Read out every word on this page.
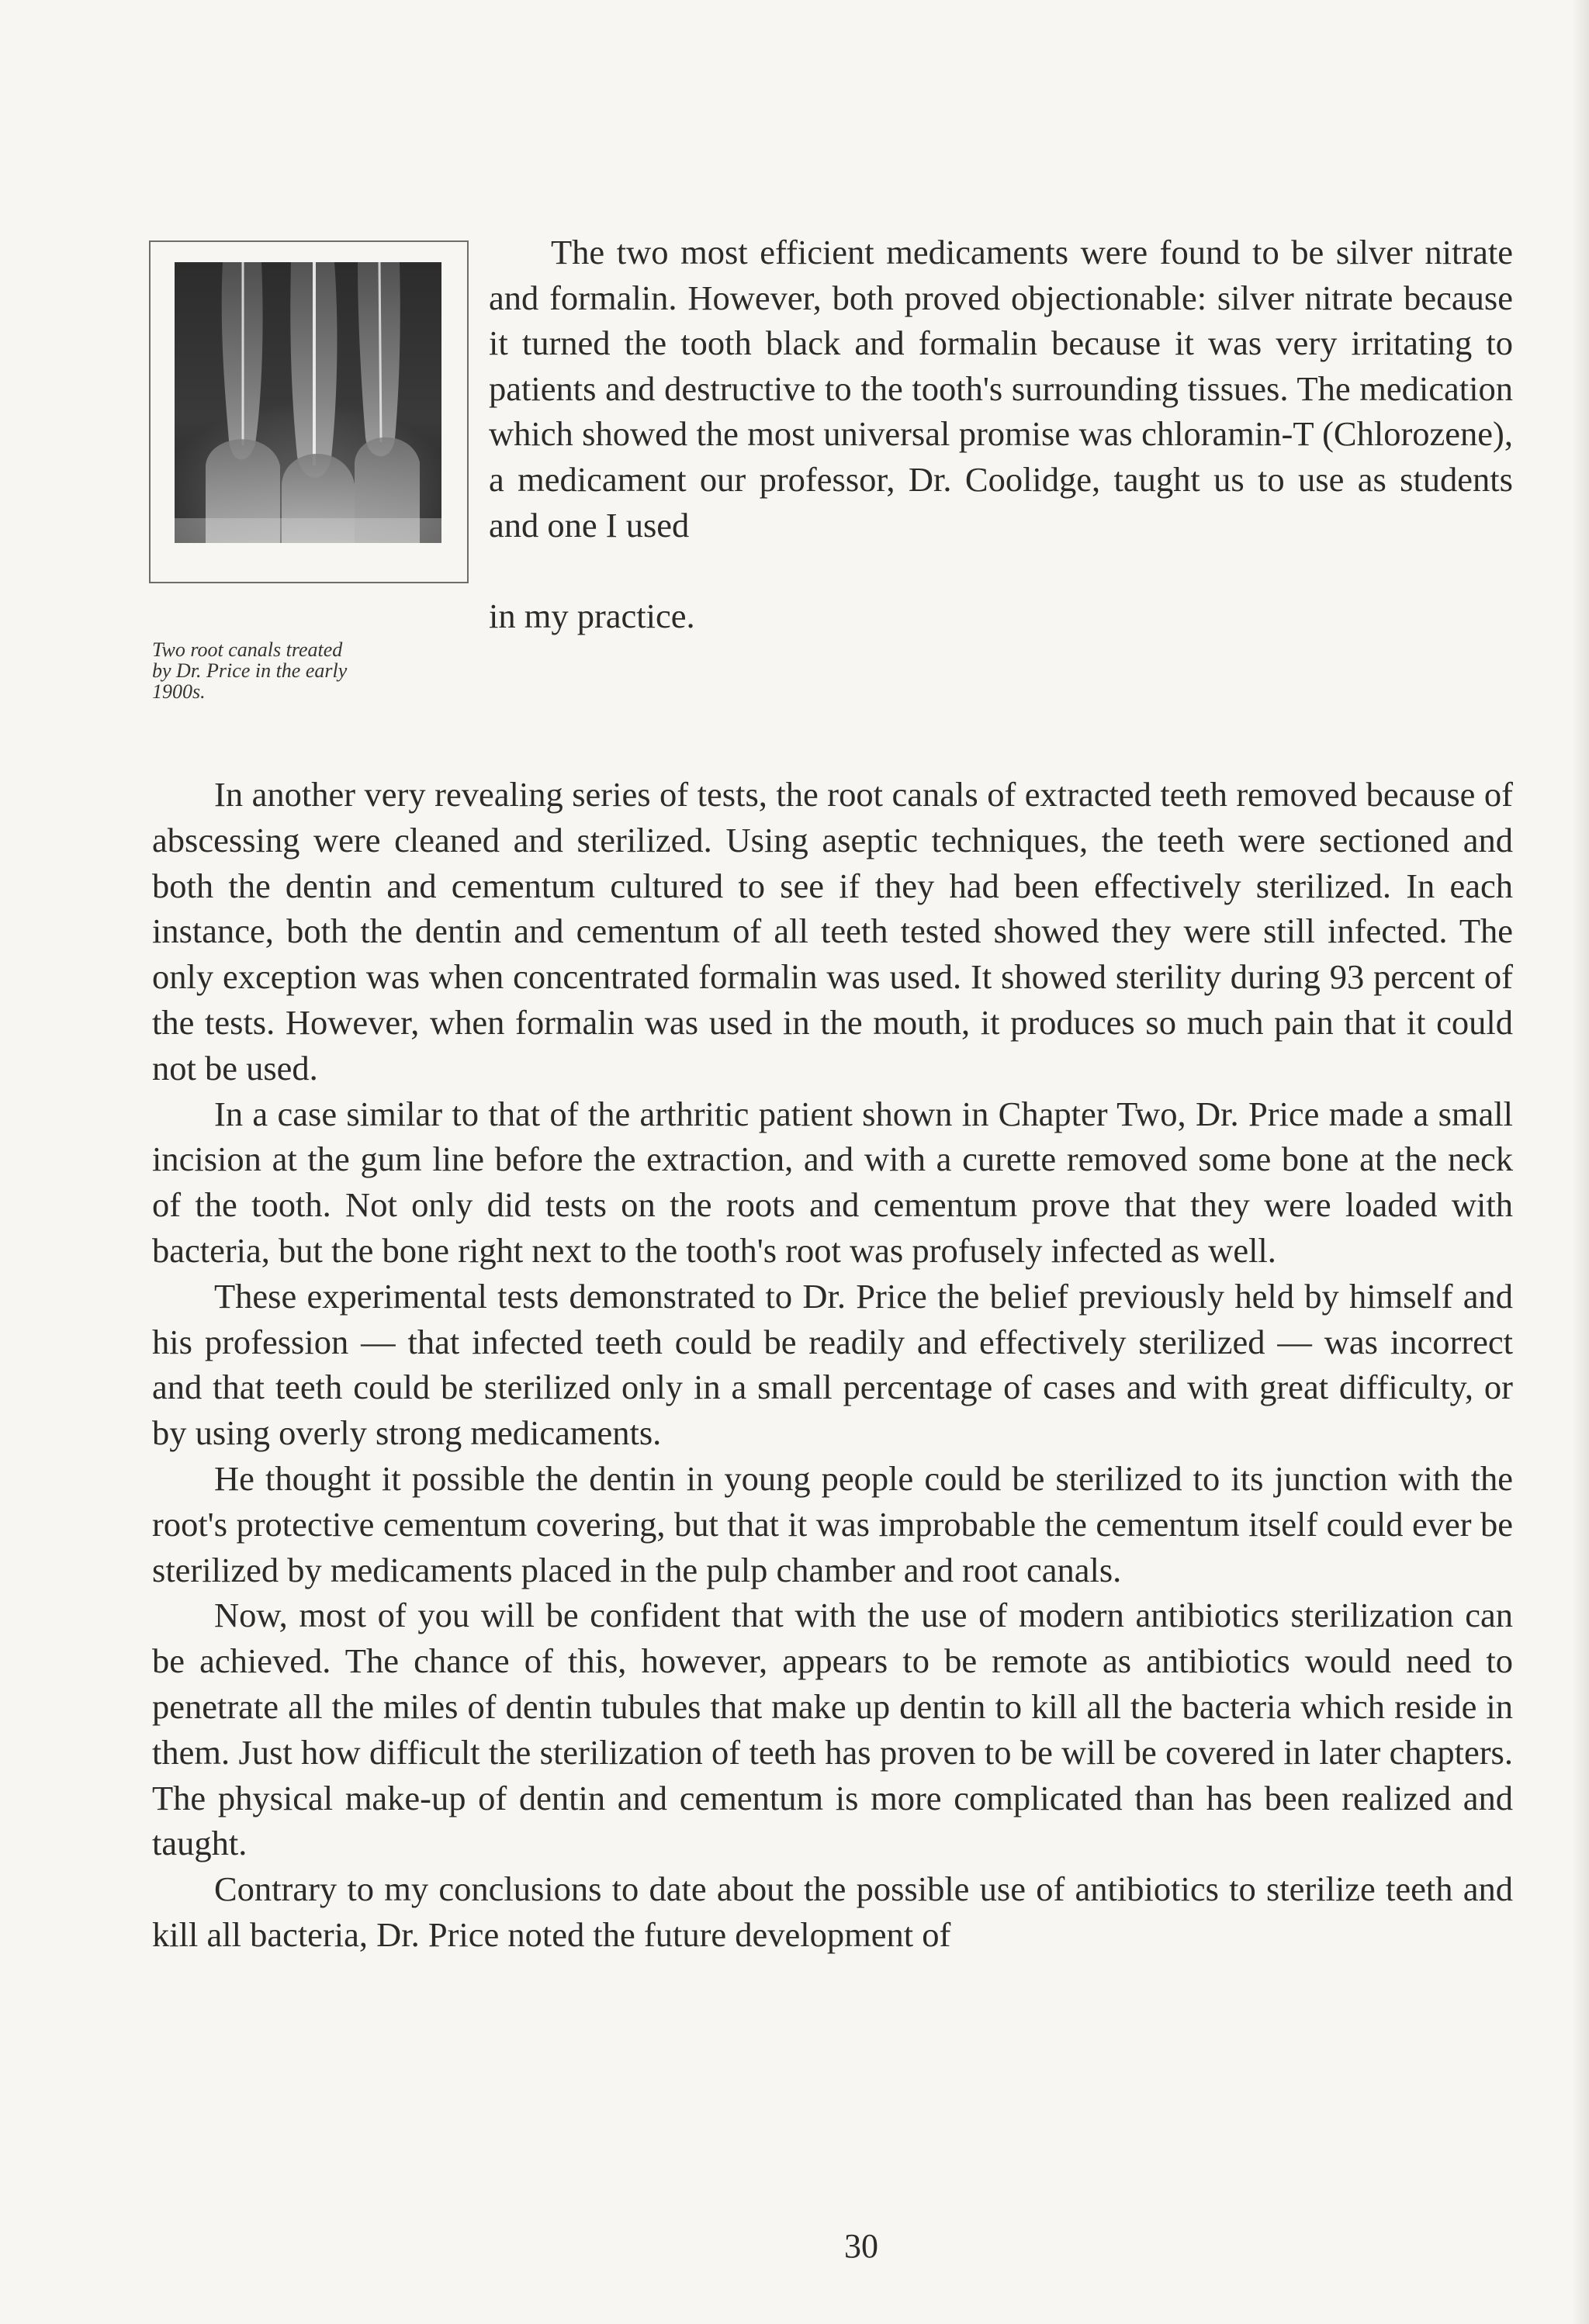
Two root canals treated
by Dr. Price in the early
1900s.

The two most efficient medicaments were found to be silver nitrate and formalin. However, both proved objectionable: silver nitrate because it turned the tooth black and formalin because it was very irritating to patients and destructive to the tooth's surrounding tissues. The medication which showed the most universal promise was chloramin-T (Chlorozene), a medicament our professor, Dr. Coolidge, taught us to use as students and one I used

in my practice.

In another very revealing series of tests, the root canals of extracted teeth removed because of abscessing were cleaned and sterilized. Using aseptic techniques, the teeth were sectioned and both the dentin and cementum cultured to see if they had been effectively sterilized. In each instance, both the dentin and cementum of all teeth tested showed they were still infected. The only exception was when concentrated formalin was used. It showed sterility during 93 percent of the tests. However, when formalin was used in the mouth, it produces so much pain that it could not be used.

In a case similar to that of the arthritic patient shown in Chapter Two, Dr. Price made a small incision at the gum line before the extraction, and with a curette removed some bone at the neck of the tooth. Not only did tests on the roots and cementum prove that they were loaded with bacteria, but the bone right next to the tooth's root was profusely infected as well.

These experimental tests demonstrated to Dr. Price the belief previously held by himself and his profession — that infected teeth could be readily and effectively sterilized — was incorrect and that teeth could be sterilized only in a small percentage of cases and with great difficulty, or by using overly strong medicaments.

He thought it possible the dentin in young people could be sterilized to its junction with the root's protective cementum covering, but that it was improbable the cementum itself could ever be sterilized by medicaments placed in the pulp chamber and root canals.

Now, most of you will be confident that with the use of modern antibiotics sterilization can be achieved. The chance of this, however, appears to be remote as antibiotics would need to penetrate all the miles of dentin tubules that make up dentin to kill all the bacteria which reside in them. Just how difficult the sterilization of teeth has proven to be will be covered in later chapters. The physical make-up of dentin and cementum is more complicated than has been realized and taught.

Contrary to my conclusions to date about the possible use of antibiotics to sterilize teeth and kill all bacteria, Dr. Price noted the future development of

30
